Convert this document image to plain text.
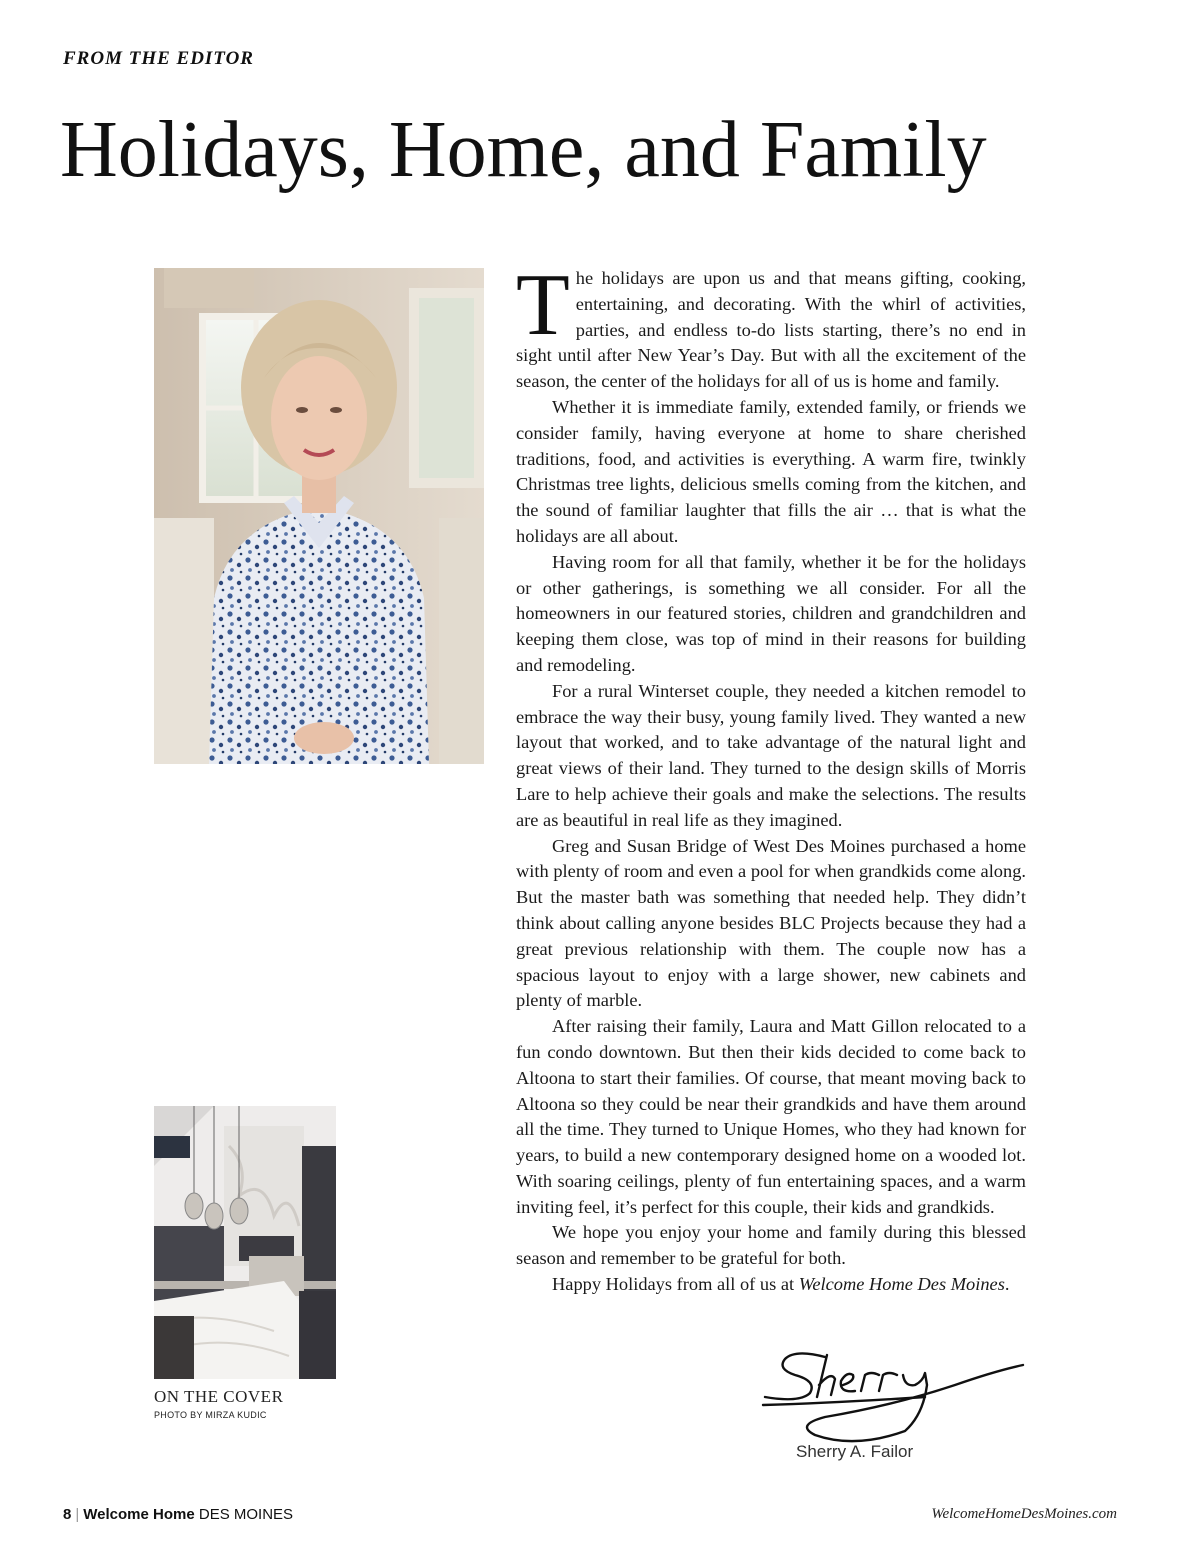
FROM THE EDITOR
Holidays, Home, and Family
ON THE COVER
PHOTO BY MIRZA KUDIC

The holidays are upon us and that means gifting, cooking, entertaining, and decorating. With the whirl of activities, parties, and endless to-do lists starting, there’s no end in sight until after New Year’s Day. But with all the excitement of the season, the center of the holidays for all of us is home and family.

Whether it is immediate family, extended family, or friends we consider family, having everyone at home to share cherished traditions, food, and activities is everything. A warm fire, twinkly Christmas tree lights, delicious smells coming from the kitchen, and the sound of familiar laughter that fills the air … that is what the holidays are all about.

Having room for all that family, whether it be for the holidays or other gatherings, is something we all consider. For all the homeowners in our featured stories, children and grandchildren and keeping them close, was top of mind in their reasons for building and remodeling.

For a rural Winterset couple, they needed a kitchen remodel to embrace the way their busy, young family lived. They wanted a new layout that worked, and to take advantage of the natural light and great views of their land. They turned to the design skills of Morris Lare to help achieve their goals and make the selections. The results are as beautiful in real life as they imagined.

Greg and Susan Bridge of West Des Moines purchased a home with plenty of room and even a pool for when grandkids come along. But the master bath was something that needed help. They didn’t think about calling anyone besides BLC Projects because they had a great previous relationship with them. The couple now has a spacious layout to enjoy with a large shower, new cabinets and plenty of marble.

After raising their family, Laura and Matt Gillon relocated to a fun condo downtown. But then their kids decided to come back to Altoona to start their families. Of course, that meant moving back to Altoona so they could be near their grandkids and have them around all the time. They turned to Unique Homes, who they had known for years, to build a new contemporary designed home on a wooded lot. With soaring ceilings, plenty of fun entertaining spaces, and a warm inviting feel, it’s perfect for this couple, their kids and grandkids.

We hope you enjoy your home and family during this blessed season and remember to be grateful for both.

Happy Holidays from all of us at Welcome Home Des Moines.

Sherry A. Failor
8 | Welcome Home DES MOINES	WelcomeHomeDesMoines.com
